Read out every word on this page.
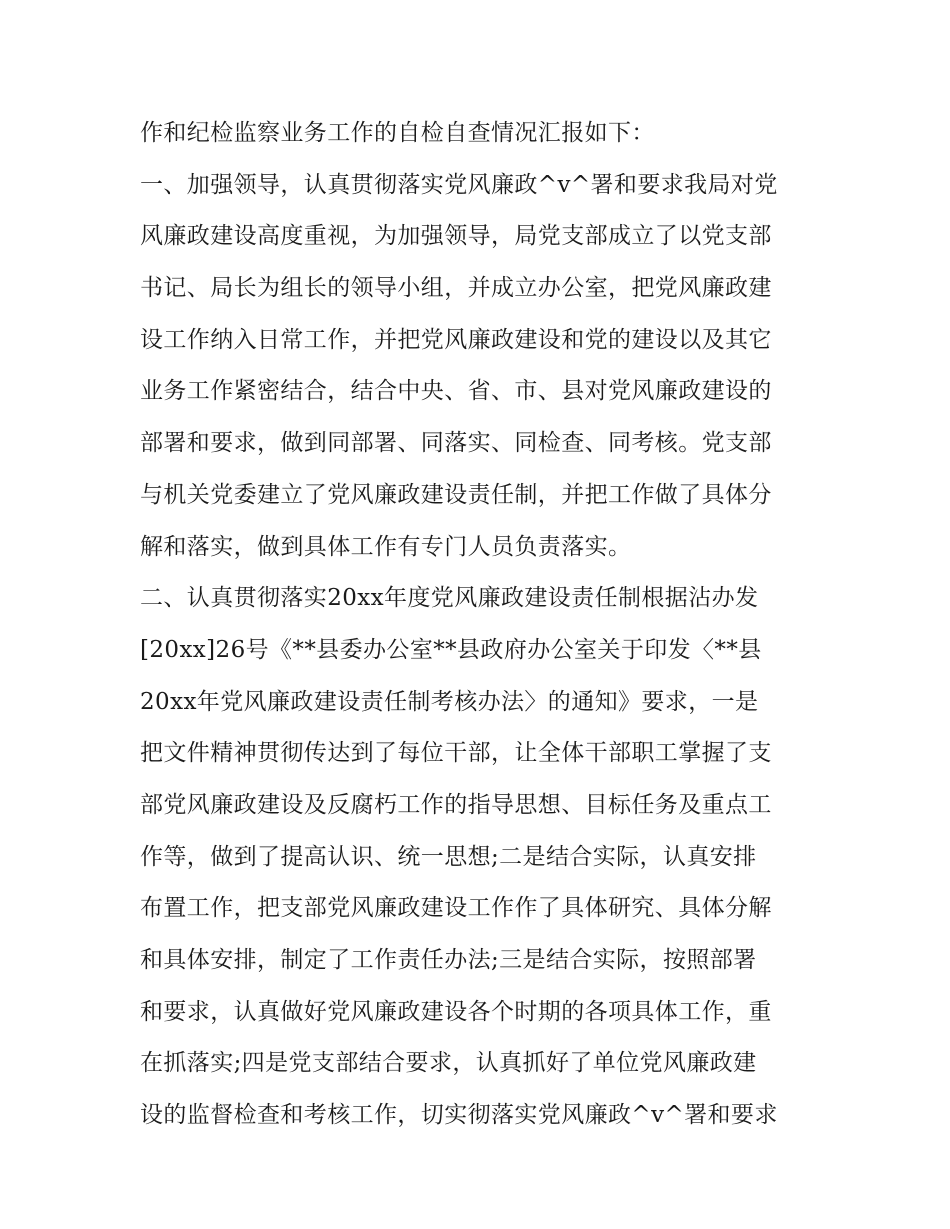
作和纪检监察业务工作的自检自查情况汇报如下：
一、加强领导，认真贯彻落实党风廉政^v^署和要求我局对党
风廉政建设高度重视，为加强领导，局党支部成立了以党支部
书记、局长为组长的领导小组，并成立办公室，把党风廉政建
设工作纳入日常工作，并把党风廉政建设和党的建设以及其它
业务工作紧密结合，结合中央、省、市、县对党风廉政建设的
部署和要求，做到同部署、同落实、同检查、同考核。党支部
与机关党委建立了党风廉政建设责任制，并把工作做了具体分
解和落实，做到具体工作有专门人员负责落实。
二、认真贯彻落实20xx年度党风廉政建设责任制根据沾办发
[20xx]26号《**县委办公室**县政府办公室关于印发〈**县
20xx年党风廉政建设责任制考核办法〉的通知》要求，一是
把文件精神贯彻传达到了每位干部，让全体干部职工掌握了支
部党风廉政建设及反腐朽工作的指导思想、目标任务及重点工
作等，做到了提高认识、统一思想;二是结合实际，认真安排
布置工作，把支部党风廉政建设工作作了具体研究、具体分解
和具体安排，制定了工作责任办法;三是结合实际，按照部署
和要求，认真做好党风廉政建设各个时期的各项具体工作，重
在抓落实;四是党支部结合要求，认真抓好了单位党风廉政建
设的监督检查和考核工作，切实彻落实党风廉政^v^署和要求
